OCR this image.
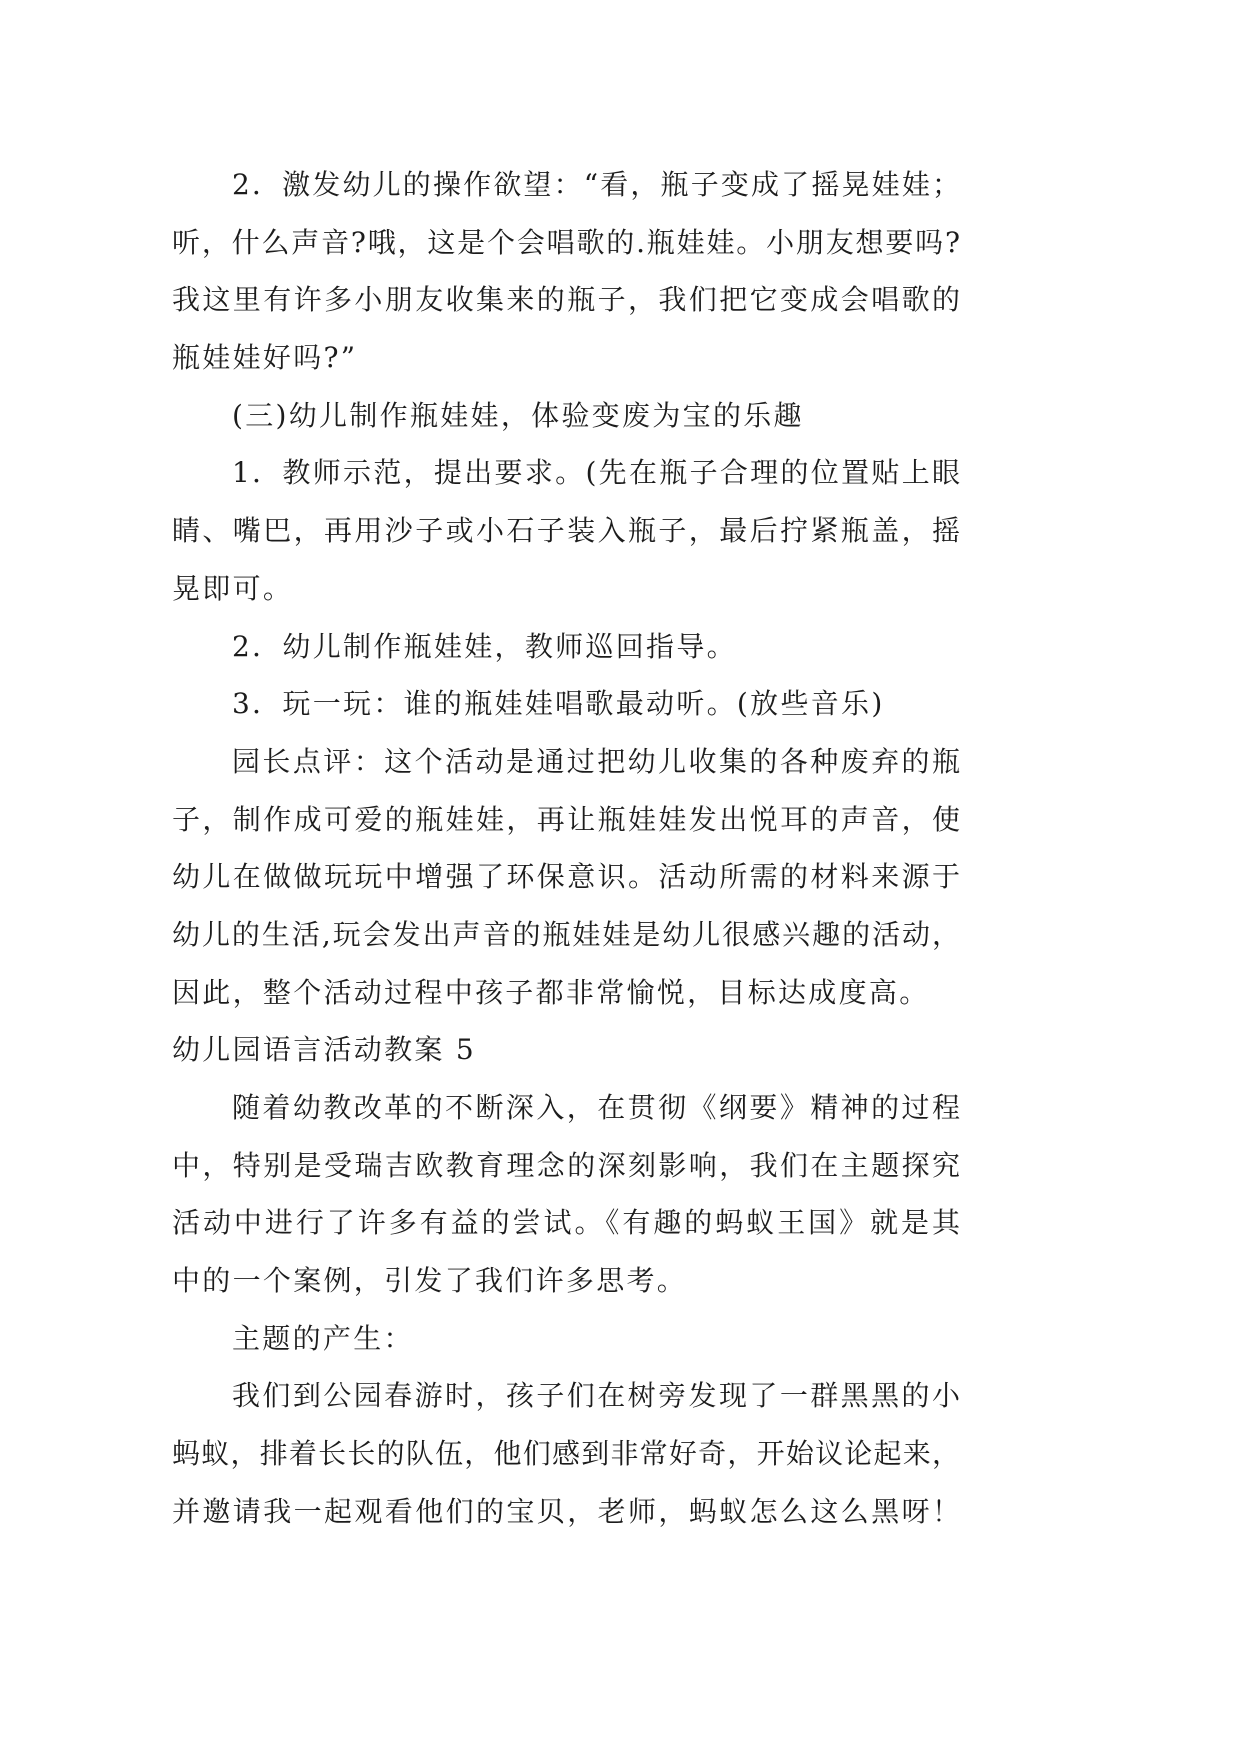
2．激发幼儿的操作欲望：“看，瓶子变成了摇晃娃娃；
听，什么声音?哦，这是个会唱歌的.瓶娃娃。小朋友想要吗?
我这里有许多小朋友收集来的瓶子，我们把它变成会唱歌的
瓶娃娃好吗?”
(三)幼儿制作瓶娃娃，体验变废为宝的乐趣
1．教师示范，提出要求。(先在瓶子合理的位置贴上眼
睛、嘴巴，再用沙子或小石子装入瓶子，最后拧紧瓶盖，摇
晃即可。
2．幼儿制作瓶娃娃，教师巡回指导。
3．玩一玩：谁的瓶娃娃唱歌最动听。(放些音乐)
园长点评：这个活动是通过把幼儿收集的各种废弃的瓶
子，制作成可爱的瓶娃娃，再让瓶娃娃发出悦耳的声音，使
幼儿在做做玩玩中增强了环保意识。活动所需的材料来源于
幼儿的生活,玩会发出声音的瓶娃娃是幼儿很感兴趣的活动，
因此，整个活动过程中孩子都非常愉悦，目标达成度高。
幼儿园语言活动教案 5
随着幼教改革的不断深入，在贯彻《纲要》精神的过程
中，特别是受瑞吉欧教育理念的深刻影响，我们在主题探究
活动中进行了许多有益的尝试。《有趣的蚂蚁王国》就是其
中的一个案例，引发了我们许多思考。
主题的产生：
我们到公园春游时，孩子们在树旁发现了一群黑黑的小
蚂蚁，排着长长的队伍，他们感到非常好奇，开始议论起来，
并邀请我一起观看他们的宝贝，老师，蚂蚁怎么这么黑呀！
